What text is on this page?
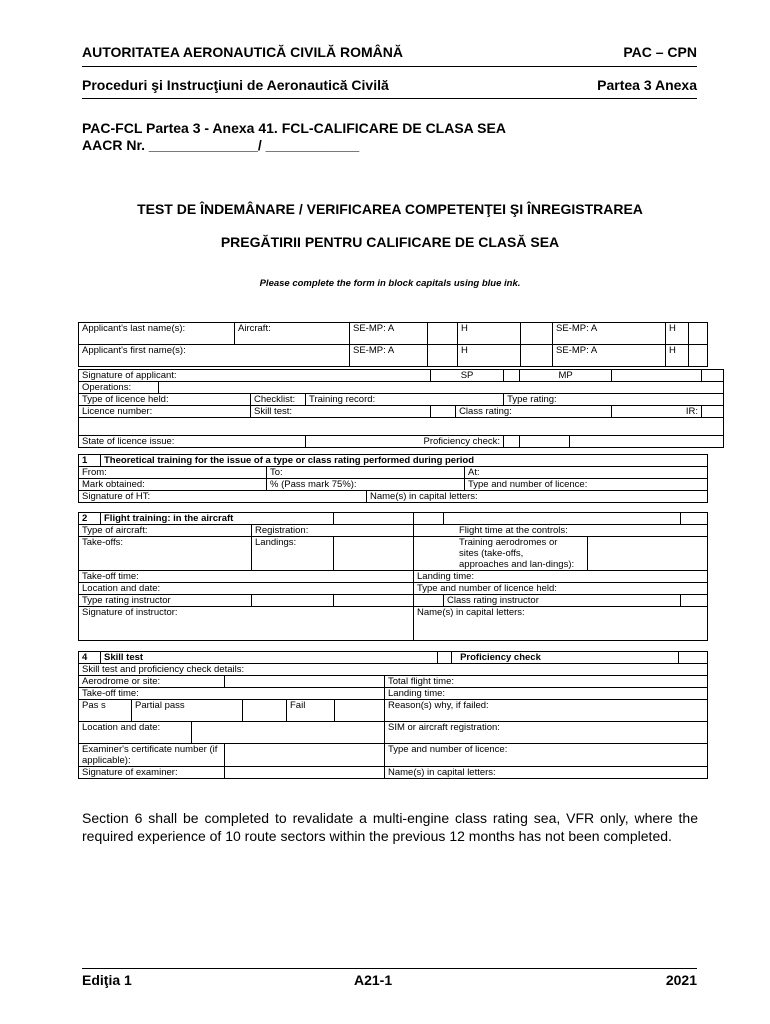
AUTORITATEA AERONAUTICĂ CIVILĂ ROMÂNĂ	PAC – CPN
Proceduri şi Instrucţiuni de Aeronautică Civilă	Partea 3 Anexa
PAC-FCL Partea 3 - Anexa 41. FCL-CALIFICARE DE CLASA SEA
AACR Nr. ______________/ ____________
TEST DE ÎNDEMÂNARE / VERIFICAREA COMPETENŢEI ŞI ÎNREGISTRAREA
PREGĂTIRII PENTRU CALIFICARE DE CLASĂ SEA
Please complete the form in block capitals using blue ink.
Applicant's last name(s):	Aircraft:	SE-MP: A		H		SE-MP: A	H	
Applicant's first name(s):		SE-MP: A		H		SE-MP: A	H	
Signature of applicant:				SP			MP			
Operations:										
Type of licence held:		Checklist:	Training record:			Type rating:				
Licence number:		Skill test:			Class rating:				IR:	

State of licence issue:			Proficiency check:							
1	Theoretical training for the issue of a type or class rating performed during period			
From:		To:		At:
Mark obtained:		% (Pass mark 75%):		Type and number of licence:
Signature of HT:			Name(s) in capital letters:	
2	Flight training: in the aircraft						
Type of aircraft:		Registration:		Flight time at the controls:			
Take-offs:		Landings:		Training aerodromes or sites (take-offs, approaches and lan-dings):			
Take-off time:				Landing time:			
Location and date:				Type and number of licence held:			
Type rating instructor					Class rating instructor		
Signature of instructor:				Name(s) in capital letters:			
4	Skill test									Proficiency check	
Skill test and proficiency check details:											
Aerodrome or site:								Total flight time:			
Take-off time:								Landing time:			
Pas s		Partial pass				Fail		Reason(s) why, if failed:			
Location and date:								SIM or aircraft registration:			
Examiner's certificate number (if applicable):								Type and number of licence:			
Signature of examiner:								Name(s) in capital letters:			
Section 6 shall be completed to revalidate a multi-engine class rating sea, VFR only, where the required experience of 10 route sectors within the previous 12 months has not been completed.
Ediţia 1	A21-1	2021
